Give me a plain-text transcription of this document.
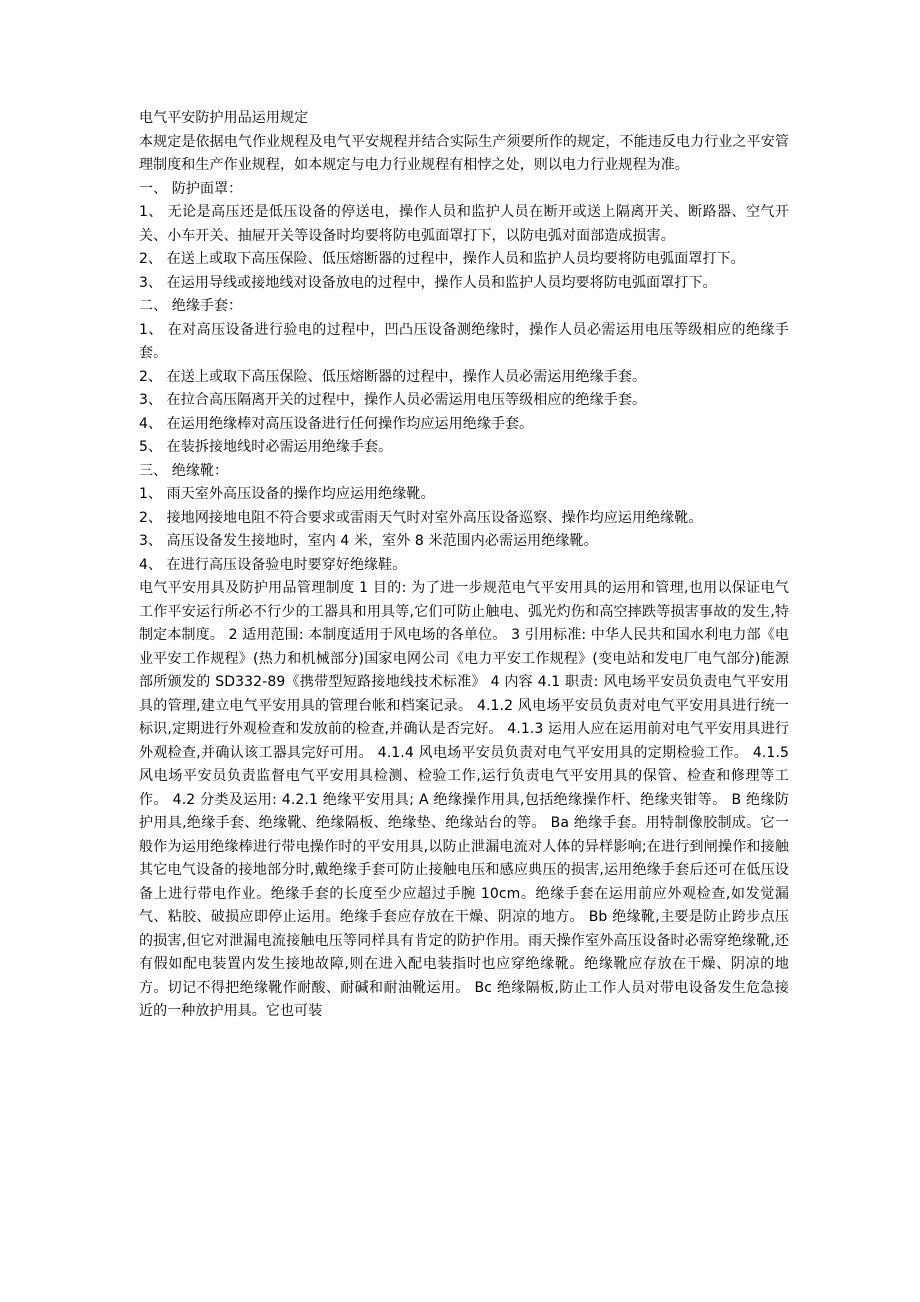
电气平安防护用品运用规定

本规定是依据电气作业规程及电气平安规程并结合实际生产须要所作的规定，不能违反电力行业之平安管理制度和生产作业规程，如本规定与电力行业规程有相悖之处，则以电力行业规程为准。

一、 防护面罩：

1、 无论是高压还是低压设备的停送电，操作人员和监护人员在断开或送上隔离开关、断路器、空气开关、小车开关、抽屉开关等设备时均要将防电弧面罩打下，以防电弧对面部造成损害。

2、 在送上或取下高压保险、低压熔断器的过程中，操作人员和监护人员均要将防电弧面罩打下。

3、 在运用导线或接地线对设备放电的过程中，操作人员和监护人员均要将防电弧面罩打下。

二、 绝缘手套：

1、 在对高压设备进行验电的过程中，凹凸压设备测绝缘时，操作人员必需运用电压等级相应的绝缘手套。

2、 在送上或取下高压保险、低压熔断器的过程中，操作人员必需运用绝缘手套。

3、 在拉合高压隔离开关的过程中，操作人员必需运用电压等级相应的绝缘手套。

4、 在运用绝缘棒对高压设备进行任何操作均应运用绝缘手套。

5、 在装拆接地线时必需运用绝缘手套。

三、 绝缘靴：

1、 雨天室外高压设备的操作均应运用绝缘靴。

2、 接地网接地电阻不符合要求或雷雨天气时对室外高压设备巡察、操作均应运用绝缘靴。

3、 高压设备发生接地时，室内 4 米，室外 8 米范围内必需运用绝缘靴。

4、 在进行高压设备验电时要穿好绝缘鞋。

电气平安用具及防护用品管理制度 1 目的: 为了进一步规范电气平安用具的运用和管理,也用以保证电气工作平安运行所必不行少的工器具和用具等,它们可防止触电、弧光灼伤和高空摔跌等损害事故的发生,特制定本制度。 2 适用范围: 本制度适用于风电场的各单位。 3 引用标准: 中华人民共和国水利电力部《电业平安工作规程》(热力和机械部分)国家电网公司《电力平安工作规程》(变电站和发电厂电气部分)能源部所颁发的 SD332-89《携带型短路接地线技术标准》 4 内容 4.1 职责: 风电场平安员负责电气平安用具的管理,建立电气平安用具的管理台帐和档案记录。 4.1.2 风电场平安员负责对电气平安用具进行统一标识,定期进行外观检查和发放前的检查,并确认是否完好。 4.1.3 运用人应在运用前对电气平安用具进行外观检查,并确认该工器具完好可用。 4.1.4 风电场平安员负责对电气平安用具的定期检验工作。 4.1.5 风电场平安员负责监督电气平安用具检测、检验工作,运行负责电气平安用具的保管、检查和修理等工作。 4.2 分类及运用: 4.2.1 绝缘平安用具; A 绝缘操作用具,包括绝缘操作杆、绝缘夹钳等。 B 绝缘防护用具,绝缘手套、绝缘靴、绝缘隔板、绝缘垫、绝缘站台的等。 Ba 绝缘手套。用特制像胶制成。它一般作为运用绝缘棒进行带电操作时的平安用具,以防止泄漏电流对人体的异样影响;在进行到闸操作和接触其它电气设备的接地部分时,戴绝缘手套可防止接触电压和感应典压的损害,运用绝缘手套后还可在低压设备上进行带电作业。绝缘手套的长度至少应超过手腕 10cm。绝缘手套在运用前应外观检查,如发觉漏气、粘胶、破损应即停止运用。绝缘手套应存放在干燥、阴凉的地方。 Bb 绝缘靴,主要是防止跨步点压的损害,但它对泄漏电流接触电压等同样具有肯定的防护作用。雨天操作室外高压设备时必需穿绝缘靴,还有假如配电装置内发生接地故障,则在进入配电装指时也应穿绝缘靴。绝缘靴应存放在干燥、阴凉的地方。切记不得把绝缘靴作耐酸、耐碱和耐油靴运用。 Bc 绝缘隔板,防止工作人员对带电设备发生危急接近的一种放护用具。它也可装
